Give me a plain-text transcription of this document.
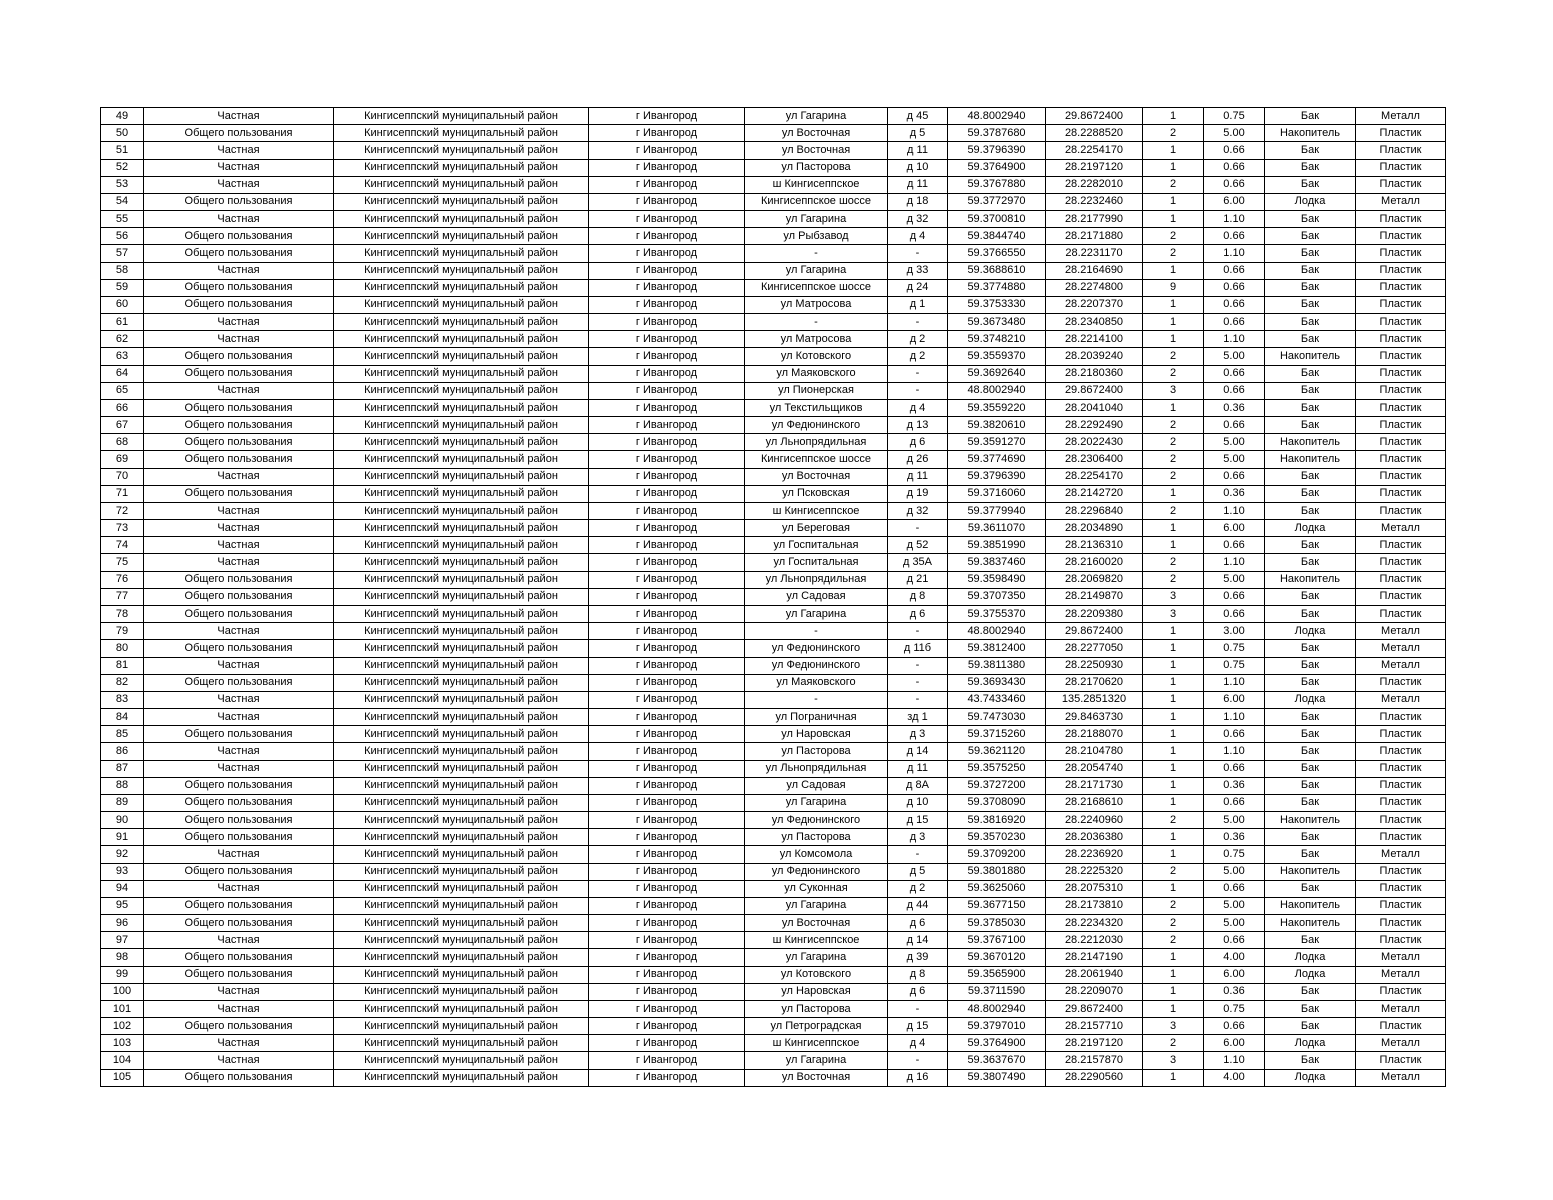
49	Частная	Кингисеппский муниципальный район	г Ивангород	ул Гагарина	д 45	48.8002940	29.8672400	1	0.75	Бак	Металл
50	Общего пользования	Кингисеппский муниципальный район	г Ивангород	ул Восточная	д 5	59.3787680	28.2288520	2	5.00	Накопитель	Пластик
51	Частная	Кингисеппский муниципальный район	г Ивангород	ул Восточная	д 11	59.3796390	28.2254170	1	0.66	Бак	Пластик
52	Частная	Кингисеппский муниципальный район	г Ивангород	ул Пасторова	д 10	59.3764900	28.2197120	1	0.66	Бак	Пластик
53	Частная	Кингисеппский муниципальный район	г Ивангород	ш Кингисеппское	д 11	59.3767880	28.2282010	2	0.66	Бак	Пластик
54	Общего пользования	Кингисеппский муниципальный район	г Ивангород	Кингисеппское шоссе	д 18	59.3772970	28.2232460	1	6.00	Лодка	Металл
55	Частная	Кингисеппский муниципальный район	г Ивангород	ул Гагарина	д 32	59.3700810	28.2177990	1	1.10	Бак	Пластик
56	Общего пользования	Кингисеппский муниципальный район	г Ивангород	ул Рыбзавод	д 4	59.3844740	28.2171880	2	0.66	Бак	Пластик
57	Общего пользования	Кингисеппский муниципальный район	г Ивангород	-	-	59.3766550	28.2231170	2	1.10	Бак	Пластик
58	Частная	Кингисеппский муниципальный район	г Ивангород	ул Гагарина	д 33	59.3688610	28.2164690	1	0.66	Бак	Пластик
59	Общего пользования	Кингисеппский муниципальный район	г Ивангород	Кингисеппское шоссе	д 24	59.3774880	28.2274800	9	0.66	Бак	Пластик
60	Общего пользования	Кингисеппский муниципальный район	г Ивангород	ул Матросова	д 1	59.3753330	28.2207370	1	0.66	Бак	Пластик
61	Частная	Кингисеппский муниципальный район	г Ивангород	-	-	59.3673480	28.2340850	1	0.66	Бак	Пластик
62	Частная	Кингисеппский муниципальный район	г Ивангород	ул Матросова	д 2	59.3748210	28.2214100	1	1.10	Бак	Пластик
63	Общего пользования	Кингисеппский муниципальный район	г Ивангород	ул Котовского	д 2	59.3559370	28.2039240	2	5.00	Накопитель	Пластик
64	Общего пользования	Кингисеппский муниципальный район	г Ивангород	ул Маяковского	-	59.3692640	28.2180360	2	0.66	Бак	Пластик
65	Частная	Кингисеппский муниципальный район	г Ивангород	ул Пионерская	-	48.8002940	29.8672400	3	0.66	Бак	Пластик
66	Общего пользования	Кингисеппский муниципальный район	г Ивангород	ул Текстильщиков	д 4	59.3559220	28.2041040	1	0.36	Бак	Пластик
67	Общего пользования	Кингисеппский муниципальный район	г Ивангород	ул Федюнинского	д 13	59.3820610	28.2292490	2	0.66	Бак	Пластик
68	Общего пользования	Кингисеппский муниципальный район	г Ивангород	ул Льнопрядильная	д 6	59.3591270	28.2022430	2	5.00	Накопитель	Пластик
69	Общего пользования	Кингисеппский муниципальный район	г Ивангород	Кингисеппское шоссе	д 26	59.3774690	28.2306400	2	5.00	Накопитель	Пластик
70	Частная	Кингисеппский муниципальный район	г Ивангород	ул Восточная	д 11	59.3796390	28.2254170	2	0.66	Бак	Пластик
71	Общего пользования	Кингисеппский муниципальный район	г Ивангород	ул Псковская	д 19	59.3716060	28.2142720	1	0.36	Бак	Пластик
72	Частная	Кингисеппский муниципальный район	г Ивангород	ш Кингисеппское	д 32	59.3779940	28.2296840	2	1.10	Бак	Пластик
73	Частная	Кингисеппский муниципальный район	г Ивангород	ул Береговая	-	59.3611070	28.2034890	1	6.00	Лодка	Металл
74	Частная	Кингисеппский муниципальный район	г Ивангород	ул Госпитальная	д 52	59.3851990	28.2136310	1	0.66	Бак	Пластик
75	Частная	Кингисеппский муниципальный район	г Ивангород	ул Госпитальная	д 35А	59.3837460	28.2160020	2	1.10	Бак	Пластик
76	Общего пользования	Кингисеппский муниципальный район	г Ивангород	ул Льнопрядильная	д 21	59.3598490	28.2069820	2	5.00	Накопитель	Пластик
77	Общего пользования	Кингисеппский муниципальный район	г Ивангород	ул Садовая	д 8	59.3707350	28.2149870	3	0.66	Бак	Пластик
78	Общего пользования	Кингисеппский муниципальный район	г Ивангород	ул Гагарина	д 6	59.3755370	28.2209380	3	0.66	Бак	Пластик
79	Частная	Кингисеппский муниципальный район	г Ивангород	-	-	48.8002940	29.8672400	1	3.00	Лодка	Металл
80	Общего пользования	Кингисеппский муниципальный район	г Ивангород	ул Федюнинского	д 11б	59.3812400	28.2277050	1	0.75	Бак	Металл
81	Частная	Кингисеппский муниципальный район	г Ивангород	ул Федюнинского	-	59.3811380	28.2250930	1	0.75	Бак	Металл
82	Общего пользования	Кингисеппский муниципальный район	г Ивангород	ул Маяковского	-	59.3693430	28.2170620	1	1.10	Бак	Пластик
83	Частная	Кингисеппский муниципальный район	г Ивангород	-	-	43.7433460	135.2851320	1	6.00	Лодка	Металл
84	Частная	Кингисеппский муниципальный район	г Ивангород	ул Пограничная	зд 1	59.7473030	29.8463730	1	1.10	Бак	Пластик
85	Общего пользования	Кингисеппский муниципальный район	г Ивангород	ул Наровская	д 3	59.3715260	28.2188070	1	0.66	Бак	Пластик
86	Частная	Кингисеппский муниципальный район	г Ивангород	ул Пасторова	д 14	59.3621120	28.2104780	1	1.10	Бак	Пластик
87	Частная	Кингисеппский муниципальный район	г Ивангород	ул Льнопрядильная	д 11	59.3575250	28.2054740	1	0.66	Бак	Пластик
88	Общего пользования	Кингисеппский муниципальный район	г Ивангород	ул Садовая	д 8А	59.3727200	28.2171730	1	0.36	Бак	Пластик
89	Общего пользования	Кингисеппский муниципальный район	г Ивангород	ул Гагарина	д 10	59.3708090	28.2168610	1	0.66	Бак	Пластик
90	Общего пользования	Кингисеппский муниципальный район	г Ивангород	ул Федюнинского	д 15	59.3816920	28.2240960	2	5.00	Накопитель	Пластик
91	Общего пользования	Кингисеппский муниципальный район	г Ивангород	ул Пасторова	д 3	59.3570230	28.2036380	1	0.36	Бак	Пластик
92	Частная	Кингисеппский муниципальный район	г Ивангород	ул Комсомола	-	59.3709200	28.2236920	1	0.75	Бак	Металл
93	Общего пользования	Кингисеппский муниципальный район	г Ивангород	ул Федюнинского	д 5	59.3801880	28.2225320	2	5.00	Накопитель	Пластик
94	Частная	Кингисеппский муниципальный район	г Ивангород	ул Суконная	д 2	59.3625060	28.2075310	1	0.66	Бак	Пластик
95	Общего пользования	Кингисеппский муниципальный район	г Ивангород	ул Гагарина	д 44	59.3677150	28.2173810	2	5.00	Накопитель	Пластик
96	Общего пользования	Кингисеппский муниципальный район	г Ивангород	ул Восточная	д 6	59.3785030	28.2234320	2	5.00	Накопитель	Пластик
97	Частная	Кингисеппский муниципальный район	г Ивангород	ш Кингисеппское	д 14	59.3767100	28.2212030	2	0.66	Бак	Пластик
98	Общего пользования	Кингисеппский муниципальный район	г Ивангород	ул Гагарина	д 39	59.3670120	28.2147190	1	4.00	Лодка	Металл
99	Общего пользования	Кингисеппский муниципальный район	г Ивангород	ул Котовского	д 8	59.3565900	28.2061940	1	6.00	Лодка	Металл
100	Частная	Кингисеппский муниципальный район	г Ивангород	ул Наровская	д 6	59.3711590	28.2209070	1	0.36	Бак	Пластик
101	Частная	Кингисеппский муниципальный район	г Ивангород	ул Пасторова	-	48.8002940	29.8672400	1	0.75	Бак	Металл
102	Общего пользования	Кингисеппский муниципальный район	г Ивангород	ул Петроградская	д 15	59.3797010	28.2157710	3	0.66	Бак	Пластик
103	Частная	Кингисеппский муниципальный район	г Ивангород	ш Кингисеппское	д 4	59.3764900	28.2197120	2	6.00	Лодка	Металл
104	Частная	Кингисеппский муниципальный район	г Ивангород	ул Гагарина	-	59.3637670	28.2157870	3	1.10	Бак	Пластик
105	Общего пользования	Кингисеппский муниципальный район	г Ивангород	ул Восточная	д 16	59.3807490	28.2290560	1	4.00	Лодка	Металл
